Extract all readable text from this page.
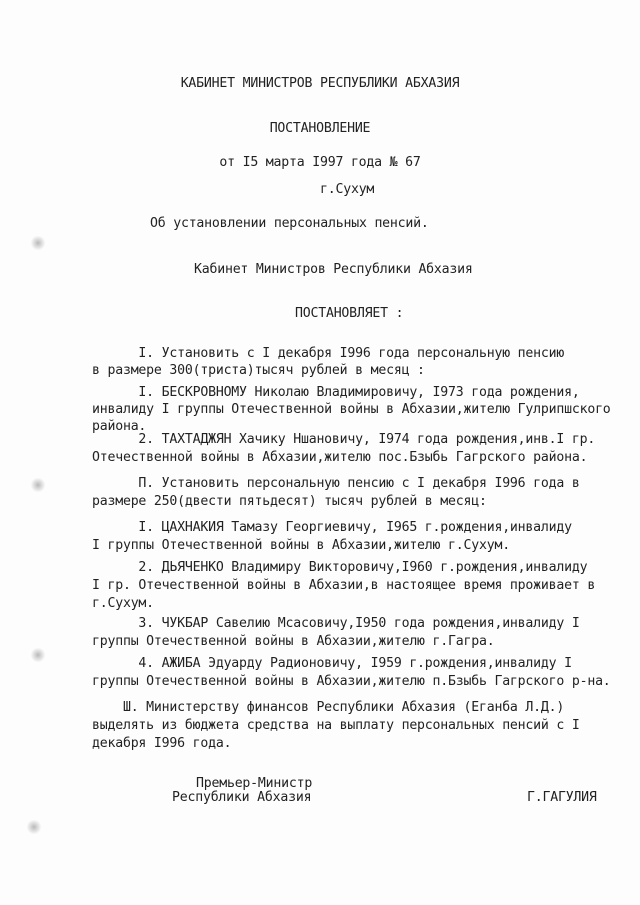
КАБИНЕТ МИНИСТРОВ РЕСПУБЛИКИ АБХАЗИЯ
ПОСТАНОВЛЕНИЕ
от I5 марта I997 года № 67
г.Сухум
Об установлении персональных пенсий.
Кабинет Министров Республики Абхазия
ПОСТАНОВЛЯЕТ :
I. Установить с I декабря I996 года персональную пенсию
в размере 300(триста)тысяч рублей в месяц :
I. БЕСКРОВНОМУ Николаю Владимировичу, I973 года рождения,
инвалиду I группы Отечественной войны в Абхазии,жителю Гулрипшского
района.
2. ТАХТАДЖЯН Хачику Ншановичу, I974 года рождения,инв.I гр.
Отечественной войны в Абхазии,жителю пос.Бзыбь Гагрского района.
П. Установить персональную пенсию с I декабря I996 года в
размере 250(двести пятьдесят) тысяч рублей в месяц:
I. ЦАХНАКИЯ Тамазу Георгиевичу, I965 г.рождения,инвалиду
I группы Отечественной войны в Абхазии,жителю г.Сухум.
2. ДЬЯЧЕНКО Владимиру Викторовичу,I960 г.рождения,инвалиду
I гр. Отечественной войны в Абхазии,в настоящее время проживает в
г.Сухум.
3. ЧУКБАР Савелию Мсасовичу,I950 года рождения,инвалиду I
группы Отечественной войны в Абхазии,жителю г.Гагра.
4. АЖИБА Эдуарду Радионовичу, I959 г.рождения,инвалиду I
группы Отечественной войны в Абхазии,жителю п.Бзыбь Гагрского р-на.
Ш. Министерству финансов Республики Абхазия (Еганба Л.Д.)
выделять из бюджета средства на выплату персональных пенсий с I
декабря I996 года.
Премьер-Министр
Республики Абхазия	Г.ГАГУЛИЯ
